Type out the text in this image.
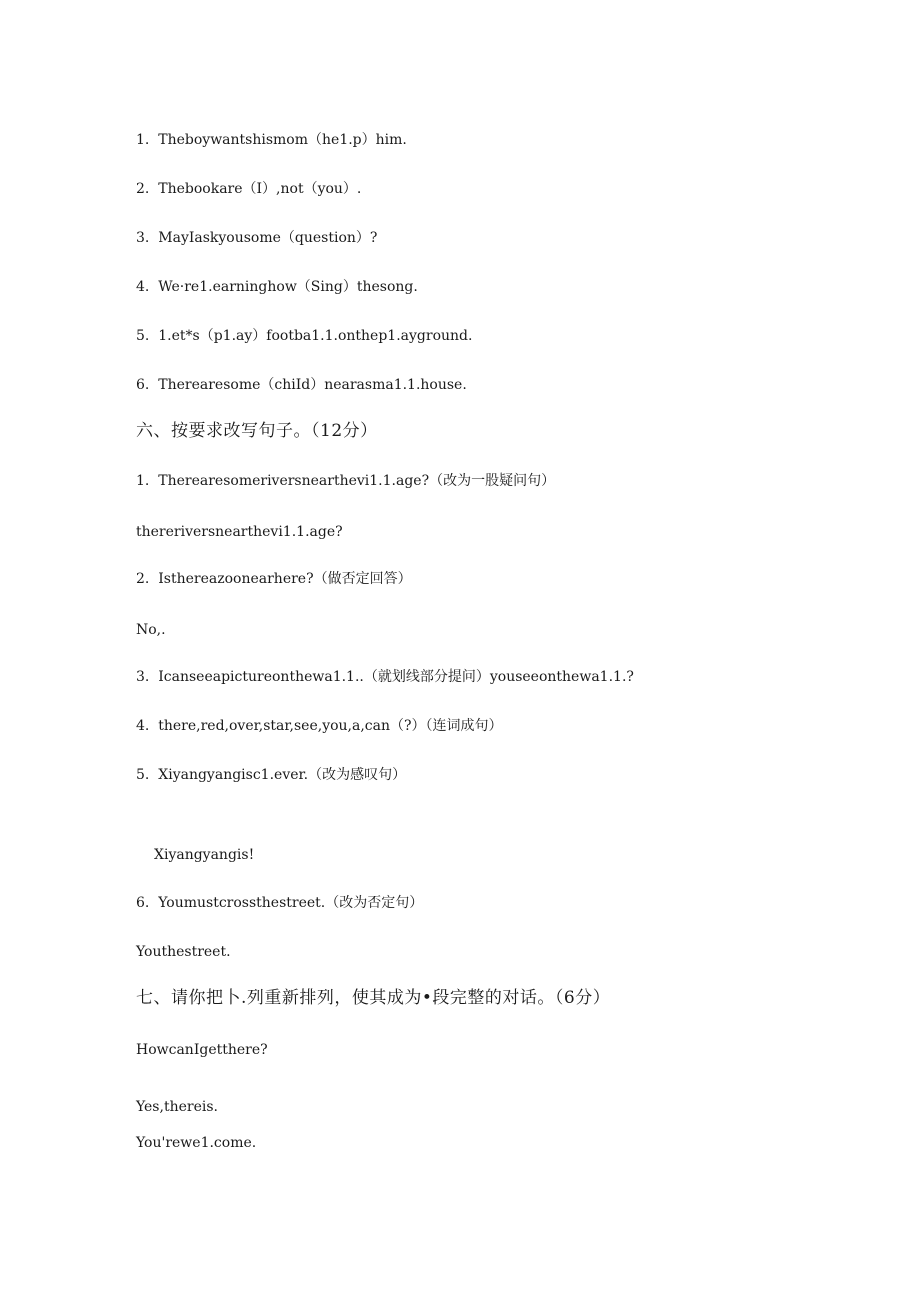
1.  Theboywantshismom（he1.p）him.
2.  Thebookare（I）,not（you）.
3.  MayIaskyousome（question）?
4.  We·re1.earninghow（Sing）thesong.
5.  1.et*s（p1.ay）footba1.1.onthep1.ayground.
6.  Therearesome（chiId）nearasma1.1.house.
六、按要求改写句子。（12分）
1.  Therearesomeriversnearthevi1.1.age?（改为一股疑问句）
thereriversnearthevi1.1.age?
2.  Isthereazoonearhere?（做否定回答）
No,.
3.  Icanseeapictureonthewa1.1..（就划线部分提问）youseeonthewa1.1.?
4.  there,red,over,star,see,you,a,can（?）（连词成句）
5.  Xiyangyangisc1.ever.（改为感叹句）
Xiyangyangis!
6.  Youmustcrossthestreet.（改为否定句）
Youthestreet.
七、请你把卜.列重新排列，使其成为•段完整的对话。（6分）
HowcanIgetthere?
Yes,thereis.
You'rewe1.come.
